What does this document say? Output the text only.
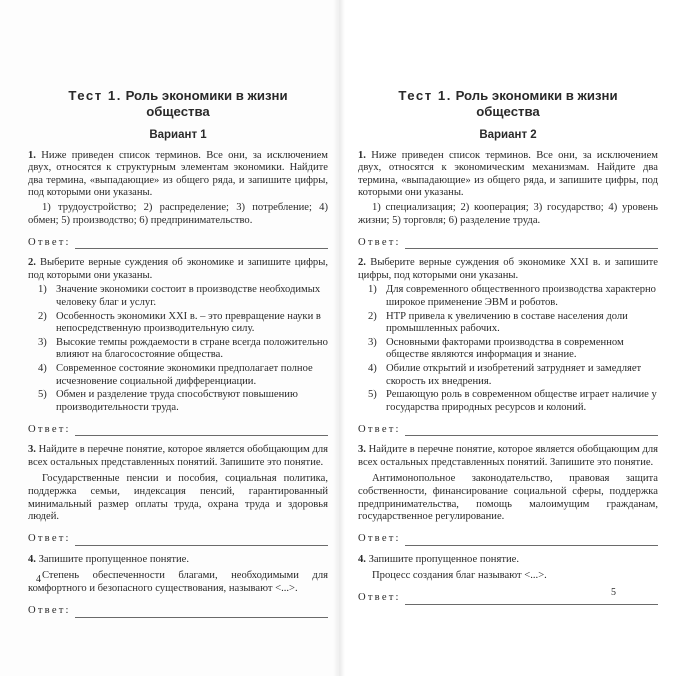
Тест 1. Роль экономики в жизни
общества
Вариант 1

1. Ниже приведен список терминов. Все они, за исключением двух, относятся к структурным элементам экономики. Найдите два термина, «выпадающие» из общего ряда, и запишите цифры, под которыми они указаны.

1) трудоустройство; 2) распределение; 3) потребление; 4) обмен; 5) производство; 6) предпринимательство.

Ответ:

2. Выберите верные суждения об экономике и запишите цифры, под которыми они указаны.

1) Значение экономики состоит в производстве необходимых человеку благ и услуг.
2) Особенность экономики XXI в. – это превращение науки в непосредственную производительную силу.
3) Высокие темпы рождаемости в стране всегда положительно влияют на благосостояние общества.
4) Современное состояние экономики предполагает полное исчезновение социальной дифференциации.
5) Обмен и разделение труда способствуют повышению производительности труда.
Ответ:

3. Найдите в перечне понятие, которое является обобщающим для всех остальных представленных понятий. Запишите это понятие.

Государственные пенсии и пособия, социальная политика, поддержка семьи, индексация пенсий, гарантированный минимальный размер оплаты труда, охрана труда и здоровья людей.

Ответ:

4. Запишите пропущенное понятие.

Степень обеспеченности благами, необходимыми для комфортного и безопасного существования, называют <...>.

Ответ:
4
Тест 1. Роль экономики в жизни
общества
Вариант 2

1. Ниже приведен список терминов. Все они, за исключением двух, относятся к экономическим механизмам. Найдите два термина, «выпадающие» из общего ряда, и запишите цифры, под которыми они указаны.

1) специализация; 2) кооперация; 3) государство; 4) уровень жизни; 5) торговля; 6) разделение труда.

Ответ:

2. Выберите верные суждения об экономике XXI в. и запишите цифры, под которыми они указаны.

1) Для современного общественного производства характерно широкое применение ЭВМ и роботов.
2) НТР привела к увеличению в составе населения доли промышленных рабочих.
3) Основными факторами производства в современном обществе являются информация и знание.
4) Обилие открытий и изобретений затрудняет и замедляет скорость их внедрения.
5) Решающую роль в современном обществе играет наличие у государства природных ресурсов и колоний.
Ответ:

3. Найдите в перечне понятие, которое является обобщающим для всех остальных представленных понятий. Запишите это понятие.

Антимонопольное законодательство, правовая защита собственности, финансирование социальной сферы, поддержка предпринимательства, помощь малоимущим гражданам, государственное регулирование.

Ответ:

4. Запишите пропущенное понятие.

Процесс создания благ называют <...>.

Ответ:	5
